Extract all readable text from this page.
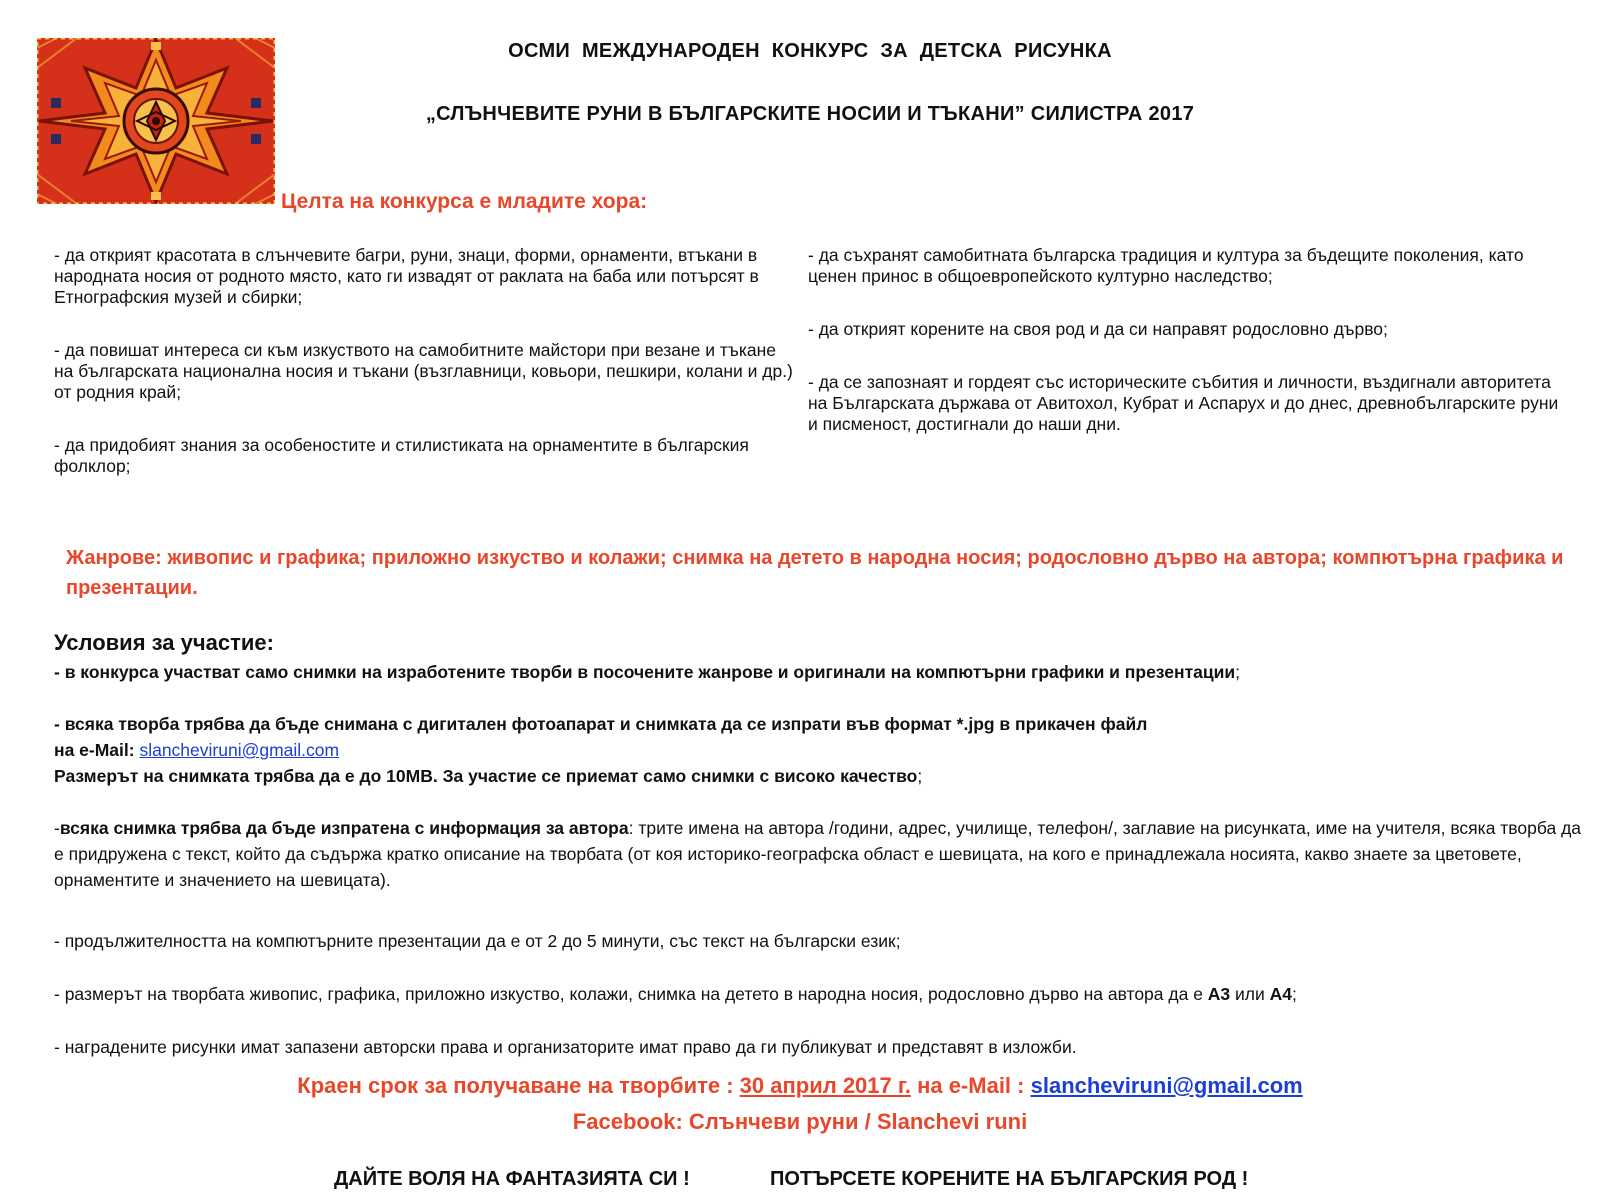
ОСМИ МЕЖДУНАРОДЕН КОНКУРС ЗА ДЕТСКА РИСУНКА
„СЛЪНЧЕВИТЕ РУНИ В БЪЛГАРСКИТЕ НОСИИ И ТЪКАНИ” СИЛИСТРА 2017
Целта на конкурса е младите хора:

- да открият красотата в слънчевите багри, руни, знаци, форми, орнаменти, втъкани в народната носия от родното място, като ги извадят от раклата на баба или потърсят в Етнографския музей и сбирки;

- да повишат интереса си към изкуството на самобитните майстори при везане и тъкане на българската национална носия и тъкани (възглавници, ковьори, пешкири, колани и др.) от родния край;

- да придобият знания за особеностите и стилистиката на орнаментите в българския фолклор;

- да съхранят самобитната българска традиция и култура за бъдещите поколения, като ценен принос в общоевропейското културно наследство;

- да открият корените на своя род и да си направят родословно дърво;

- да се запознаят и гордеят със историческите събития и личности, въздигнали авторитета на Българската държава от Авитохол, Кубрат и Аспарух и до днес, древнобългарските руни и писменост, достигнали до наши дни.

Жанрове: живопис и графика; приложно изкуство и колажи; снимка на детето в народна носия; родословно дърво на автора; компютърна графика и презентации.
Условия за участие:
- в конкурса участват само снимки на изработените творби в посочените жанрове и оригинали на компютърни графики и презентации;
- всяка творба трябва да бъде снимана с дигитален фотоапарат и снимката да се изпрати във формат *.jpg в прикачен файл
на е-Mail: slancheviruni@gmail.com
Размерът на снимката трябва да е до 10MB. За участие се приемат само снимки с високо качество;
-всяка снимка трябва да бъде изпратена с информация за автора: трите имена на автора /години, адрес, училище, телефон/, заглавие на рисунката, име на учителя, всяка творба да е придружена с текст, който да съдържа кратко описание на творбата (от коя историко-географска област е шевицата, на кого е принадлежала носията, какво знаете за цветовете, орнаментите и значението на шевицата).
- продължителността на компютърните презентации да е от 2 до 5 минути, със текст на български език;
- размерът на творбата живопис, графика, приложно изкуство, колажи, снимка на детето в народна носия, родословно дърво на автора да е А3 или А4;
- наградените рисунки имат запазени авторски права и организаторите имат право да ги публикуват и представят в изложби.
Краен срок за получаване на творбите : 30 април 2017 г. на е-Mail : slancheviruni@gmail.com
Facebook: Слънчеви руни / Slanchevi runi
ДАЙТЕ ВОЛЯ НА ФАНТАЗИЯТА СИ !	ПОТЪРСЕТЕ КОРЕНИТЕ НА БЪЛГАРСКИЯ РОД !
